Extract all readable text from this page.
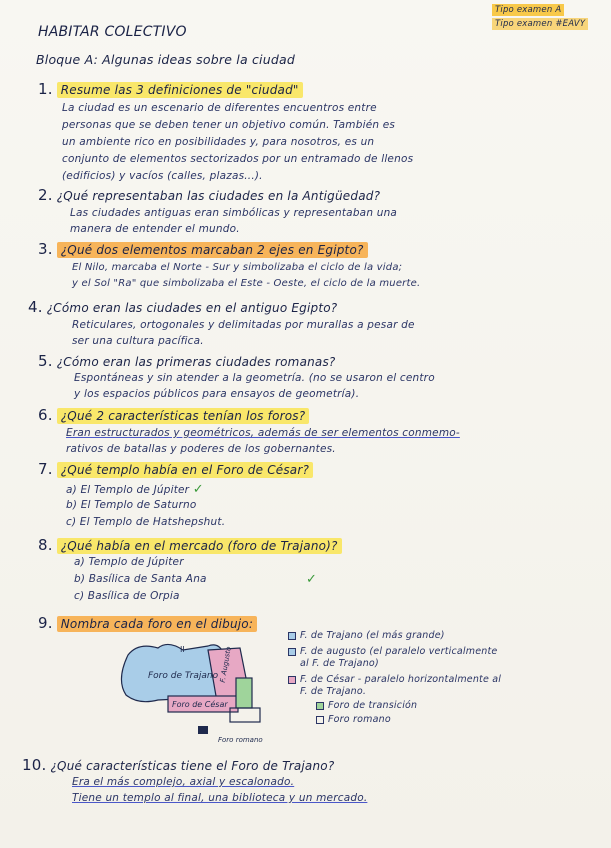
Tipo examen A
Tipo examen #EAVY
HABITAR COLECTIVO
Bloque A: Algunas ideas sobre la ciudad
1. Resume las 3 definiciones de "ciudad"
La ciudad es un escenario de diferentes encuentros entre
personas que se deben tener un objetivo común. También es
un ambiente rico en posibilidades y, para nosotros, es un
conjunto de elementos sectorizados por un entramado de llenos
(edificios) y vacíos (calles, plazas...).
2. ¿Qué representaban las ciudades en la Antigüedad?
Las ciudades antiguas eran simbólicas y representaban una
manera de entender el mundo.
3. ¿Qué dos elementos marcaban 2 ejes en Egipto?
El Nilo, marcaba el Norte - Sur y simbolizaba el ciclo de la vida;
y el Sol "Ra" que simbolizaba el Este - Oeste, el ciclo de la muerte.
4. ¿Cómo eran las ciudades en el antiguo Egipto?
Reticulares, ortogonales y delimitadas por murallas a pesar de
ser una cultura pacífica.
5. ¿Cómo eran las primeras ciudades romanas?
Espontáneas y sin atender a la geometría. (no se usaron el centro
y los espacios públicos para ensayos de geometría).
6. ¿Qué 2 características tenían los foros?
Eran estructurados y geométricos, además de ser elementos conmemo-
rativos de batallas y poderes de los gobernantes.
7. ¿Qué templo había en el Foro de César?
a) El Templo de Júpiter ✓
b) El Templo de Saturno
c) El Templo de Hatshepshut.
8. ¿Qué había en el mercado (foro de Trajano)?
a) Templo de Júpiter
b) Basílica de Santa Ana
c) Basílica de Orpia
✓
9. Nombra cada foro en el dibujo:
Foro de Trajano F. Augusto
Foro de César
Foro romano
II
F. de Trajano (el más grande)
F. de augusto (el paralelo verticalmente
al F. de Trajano)
F. de César - paralelo horizontalmente al
F. de Trajano.
Foro de transición
Foro romano
10. ¿Qué características tiene el Foro de Trajano?
Era el más complejo, axial y escalonado.
Tiene un templo al final, una biblioteca y un mercado.
